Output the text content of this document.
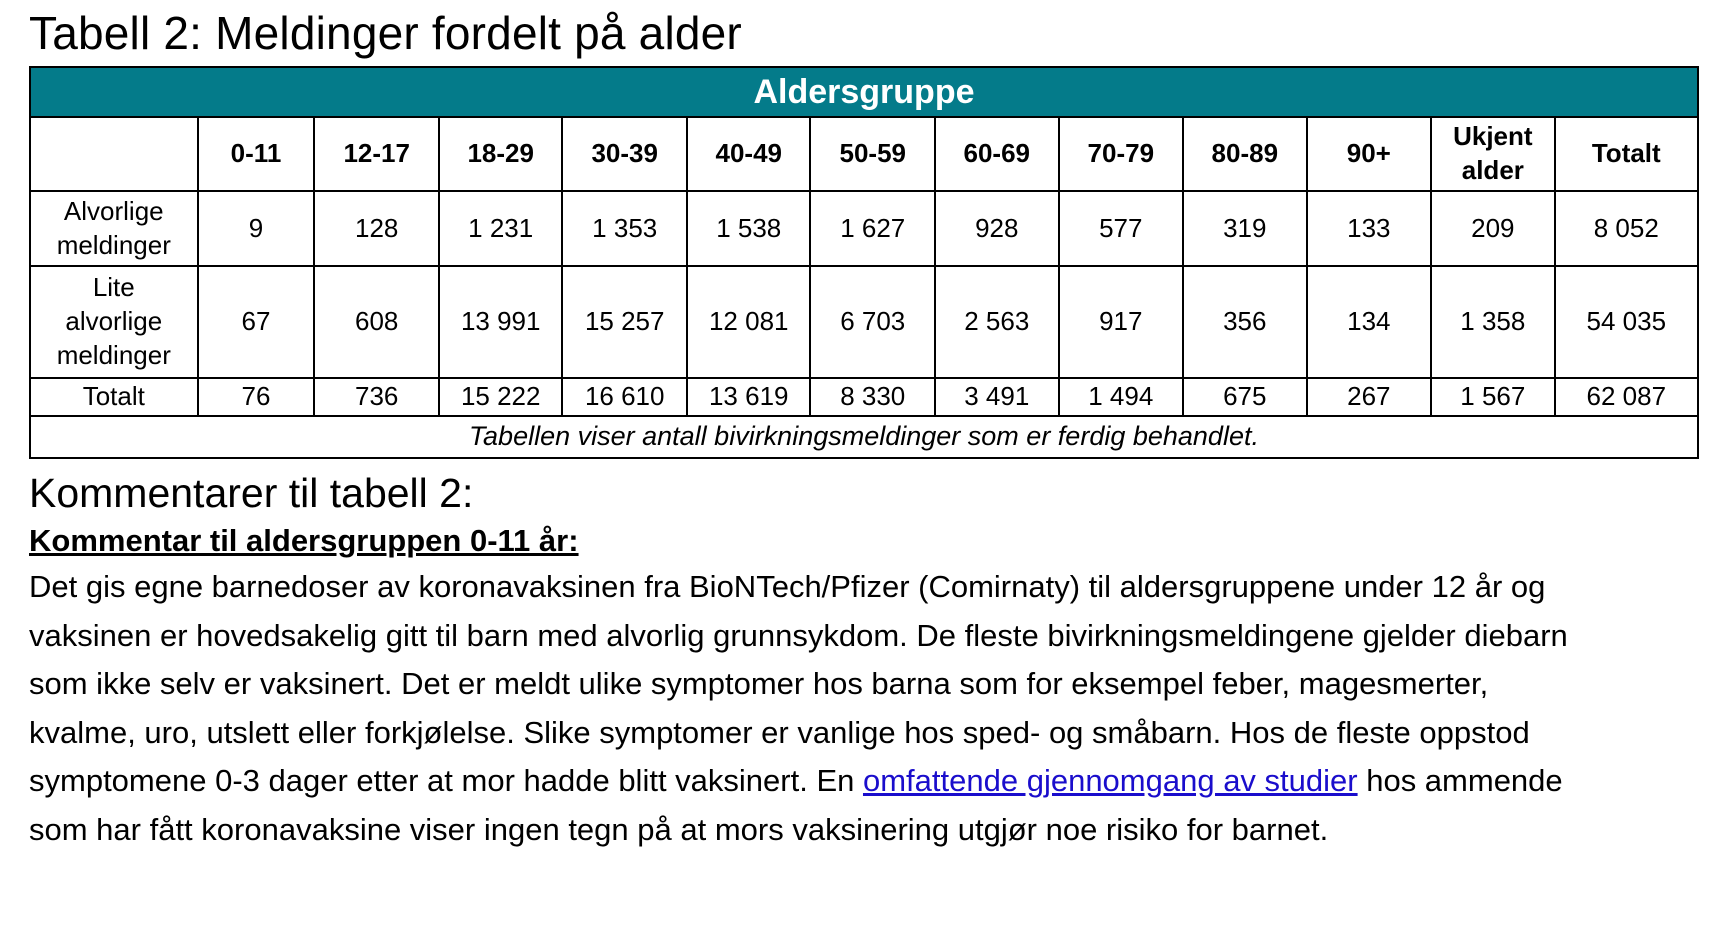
Tabell 2: Meldinger fordelt på alder
Aldersgruppe												
	0-11	12-17	18-29	30-39	40-49	50-59	60-69	70-79	80-89	90+	Ukjent alder	Totalt
Alvorlige meldinger	9	128	1 231	1 353	1 538	1 627	928	577	319	133	209	8 052
Lite alvorlige meldinger	67	608	13 991	15 257	12 081	6 703	2 563	917	356	134	1 358	54 035
Totalt	76	736	15 222	16 610	13 619	8 330	3 491	1 494	675	267	1 567	62 087
Tabellen viser antall bivirkningsmeldinger som er ferdig behandlet.												
Kommentarer til tabell 2:
Kommentar til aldersgruppen 0-11 år:

Det gis egne barnedoser av koronavaksinen fra BioNTech/Pfizer (Comirnaty) til aldersgruppene under 12 år og vaksinen er hovedsakelig gitt til barn med alvorlig grunnsykdom. De fleste bivirkningsmeldingene gjelder diebarn som ikke selv er vaksinert. Det er meldt ulike symptomer hos barna som for eksempel feber, magesmerter, kvalme, uro, utslett eller forkjølelse. Slike symptomer er vanlige hos sped- og småbarn. Hos de fleste oppstod symptomene 0-3 dager etter at mor hadde blitt vaksinert. En omfattende gjennomgang av studier hos ammende som har fått koronavaksine viser ingen tegn på at mors vaksinering utgjør noe risiko for barnet.
